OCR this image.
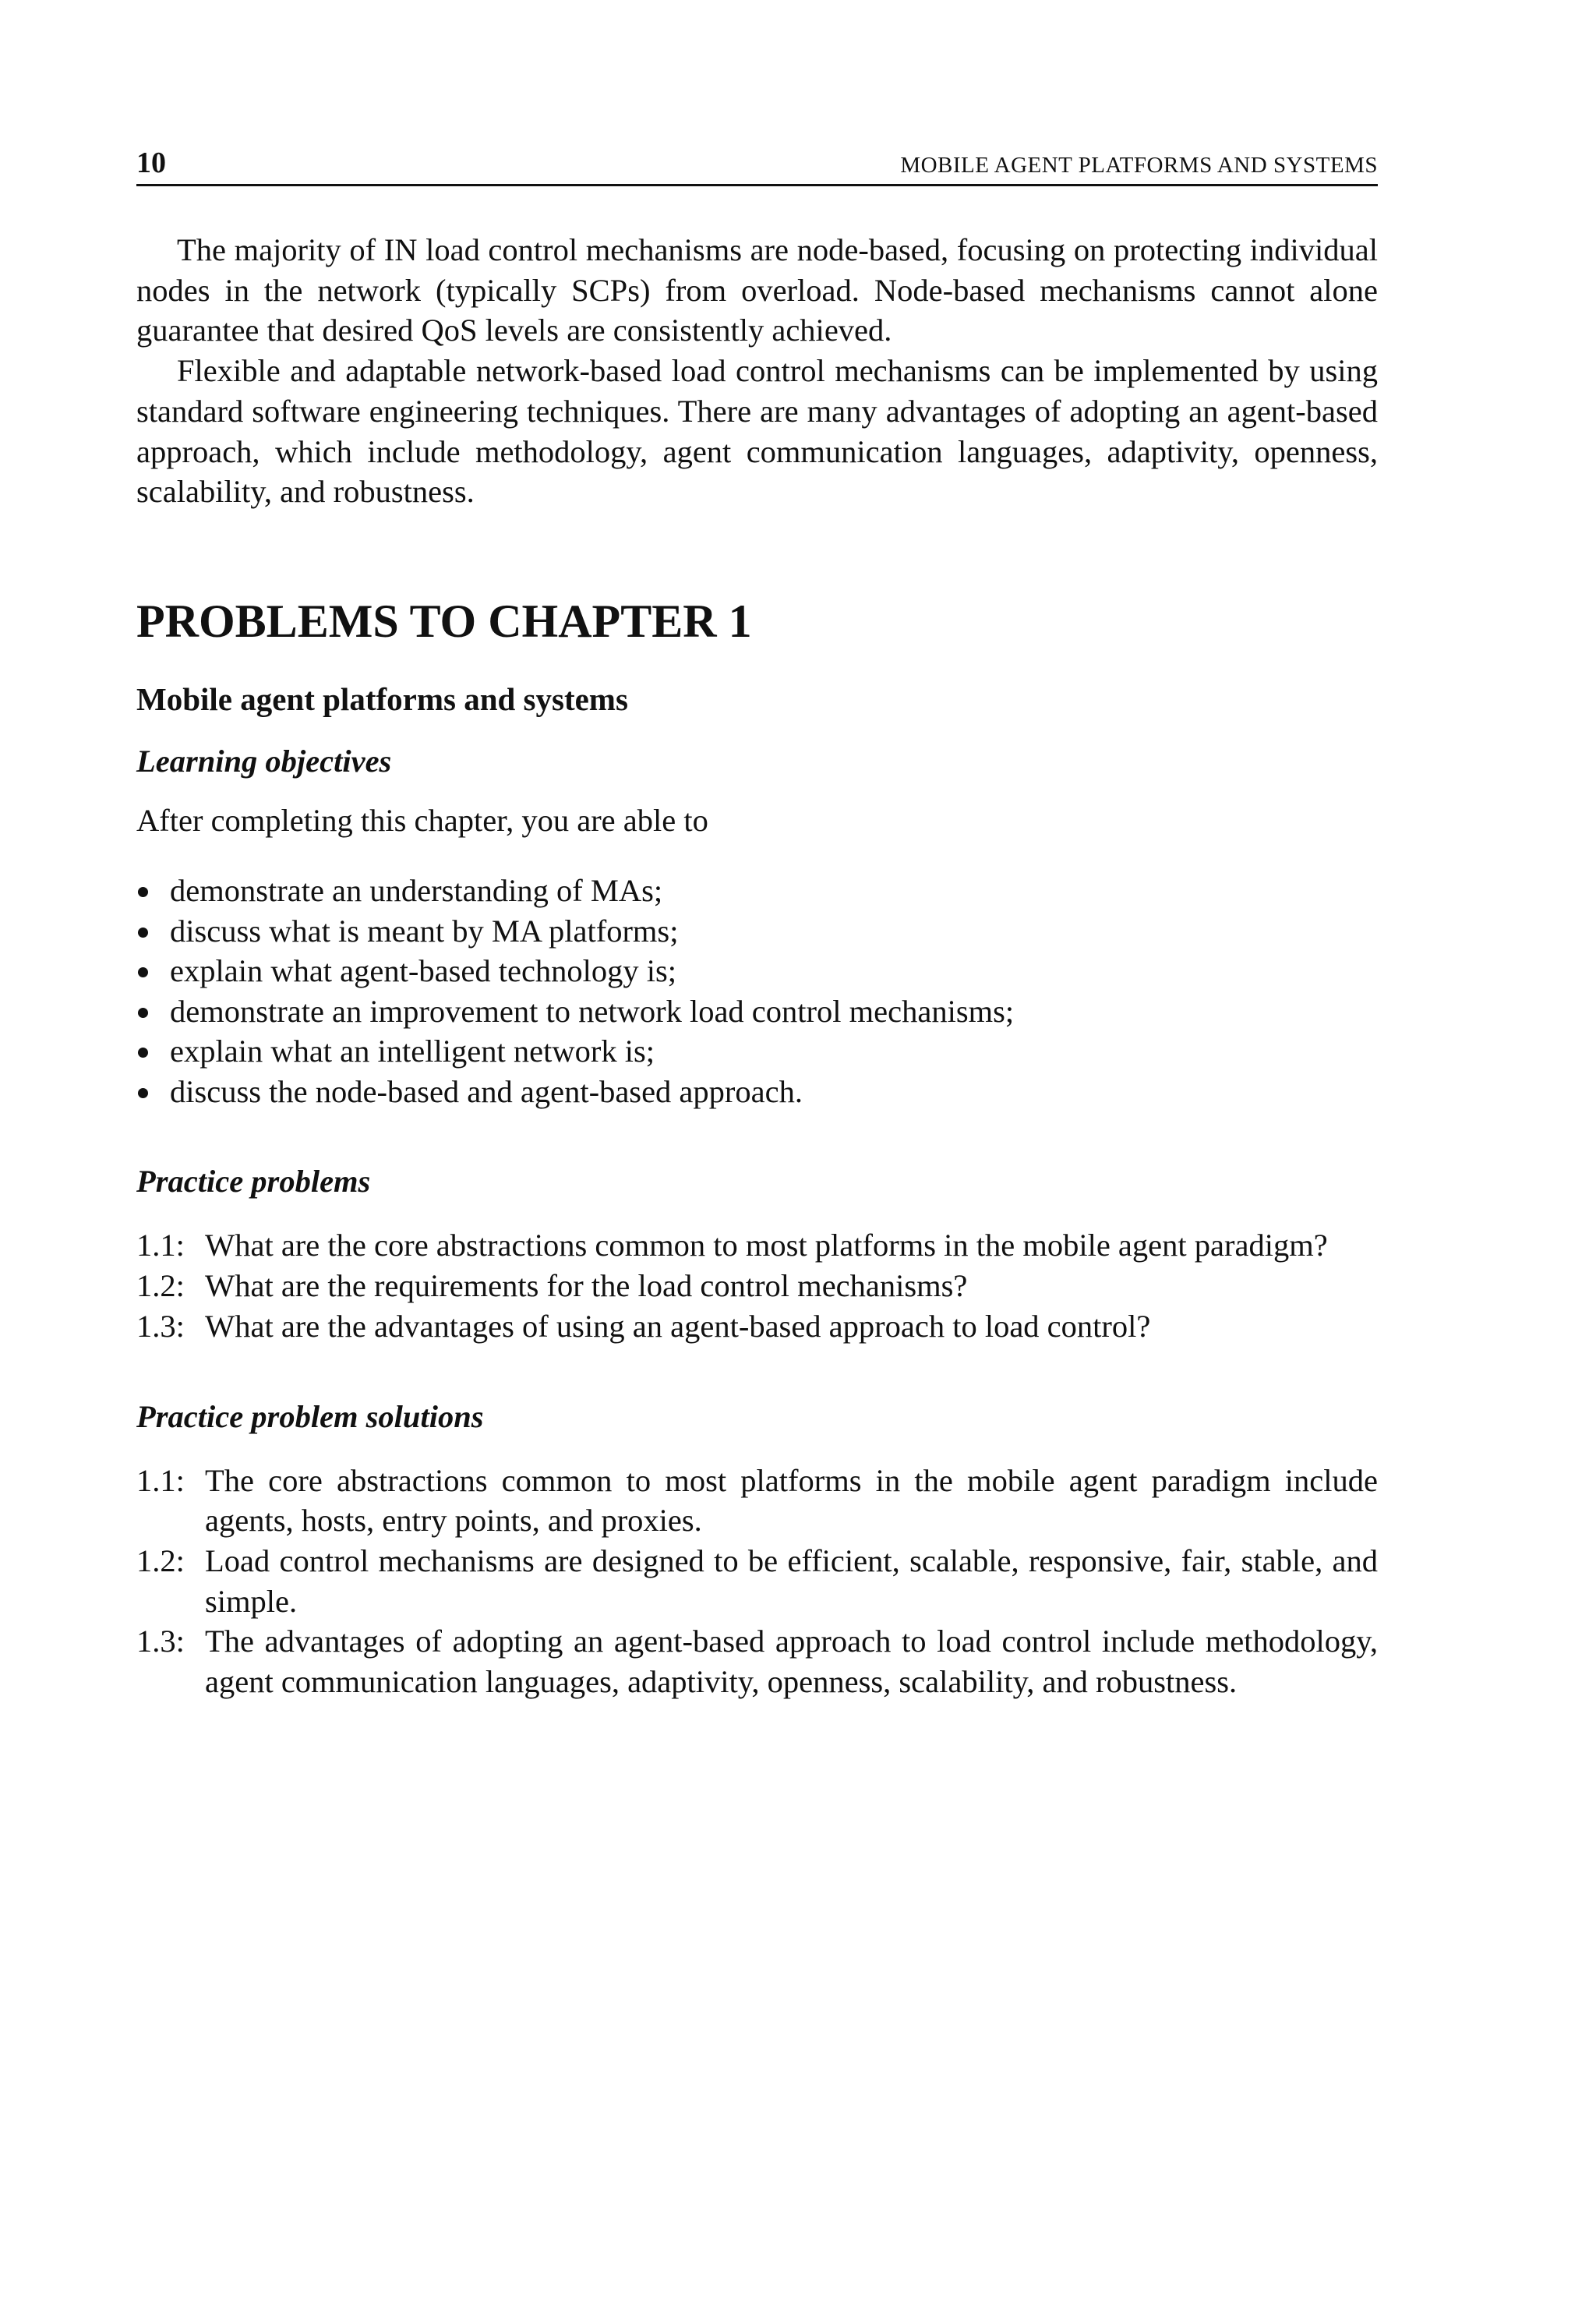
10	MOBILE AGENT PLATFORMS AND SYSTEMS

The majority of IN load control mechanisms are node-based, focusing on protecting individual nodes in the network (typically SCPs) from overload. Node-based mechanisms cannot alone guarantee that desired QoS levels are consistently achieved.

Flexible and adaptable network-based load control mechanisms can be implemented by using standard software engineering techniques. There are many advantages of adopting an agent-based approach, which include methodology, agent communication languages, adaptivity, openness, scalability, and robustness.

PROBLEMS TO CHAPTER 1
Mobile agent platforms and systems
Learning objectives

After completing this chapter, you are able to

demonstrate an understanding of MAs;
discuss what is meant by MA platforms;
explain what agent-based technology is;
demonstrate an improvement to network load control mechanisms;
explain what an intelligent network is;
discuss the node-based and agent-based approach.
Practice problems
1.1: What are the core abstractions common to most platforms in the mobile agent paradigm?
1.2: What are the requirements for the load control mechanisms?
1.3: What are the advantages of using an agent-based approach to load control?
Practice problem solutions
1.1: The core abstractions common to most platforms in the mobile agent paradigm include agents, hosts, entry points, and proxies.
1.2: Load control mechanisms are designed to be efficient, scalable, responsive, fair, stable, and simple.
1.3: The advantages of adopting an agent-based approach to load control include methodology, agent communication languages, adaptivity, openness, scalability, and robustness.
